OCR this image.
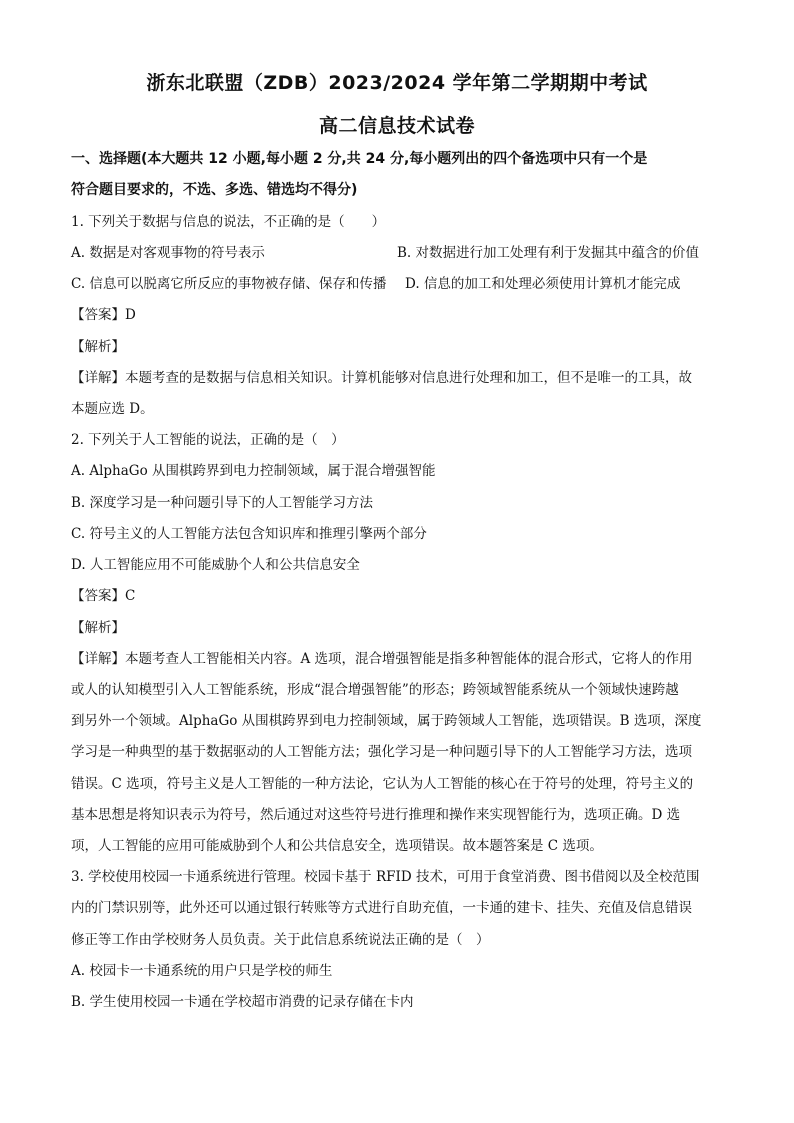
浙东北联盟（ZDB）2023/2024 学年第二学期期中考试
高二信息技术试卷
一、选择题(本大题共 12 小题,每小题 2 分,共 24 分,每小题列出的四个备选项中只有一个是
符合题目要求的，不选、多选、错选均不得分)
1. 下列关于数据与信息的说法，不正确的是（　　）
A. 数据是对客观事物的符号表示	B. 对数据进行加工处理有利于发掘其中蕴含的价值
C. 信息可以脱离它所反应的事物被存储、保存和传播	D. 信息的加工和处理必须使用计算机才能完成
【答案】D
【解析】
【详解】本题考查的是数据与信息相关知识。计算机能够对信息进行处理和加工，但不是唯一的工具，故
本题应选 D。
2. 下列关于人工智能的说法，正确的是（　）
A. AlphaGo 从围棋跨界到电力控制领域，属于混合增强智能
B. 深度学习是一种问题引导下的人工智能学习方法
C. 符号主义的人工智能方法包含知识库和推理引擎两个部分
D. 人工智能应用不可能威胁个人和公共信息安全
【答案】C
【解析】
【详解】本题考查人工智能相关内容。A 选项，混合增强智能是指多种智能体的混合形式，它将人的作用
或人的认知模型引入人工智能系统，形成“混合增强智能”的形态；跨领域智能系统从一个领域快速跨越
到另外一个领域。AlphaGo 从围棋跨界到电力控制领域，属于跨领域人工智能，选项错误。B 选项，深度
学习是一种典型的基于数据驱动的人工智能方法；强化学习是一种问题引导下的人工智能学习方法，选项
错误。C 选项，符号主义是人工智能的一种方法论，它认为人工智能的核心在于符号的处理，符号主义的
基本思想是将知识表示为符号，然后通过对这些符号进行推理和操作来实现智能行为，选项正确。D 选
项，人工智能的应用可能威胁到个人和公共信息安全，选项错误。故本题答案是 C 选项。
3. 学校使用校园一卡通系统进行管理。校园卡基于 RFID 技术，可用于食堂消费、图书借阅以及全校范围
内的门禁识别等，此外还可以通过银行转账等方式进行自助充值，一卡通的建卡、挂失、充值及信息错误
修正等工作由学校财务人员负责。关于此信息系统说法正确的是（　）
A. 校园卡一卡通系统的用户只是学校的师生
B. 学生使用校园一卡通在学校超市消费的记录存储在卡内
